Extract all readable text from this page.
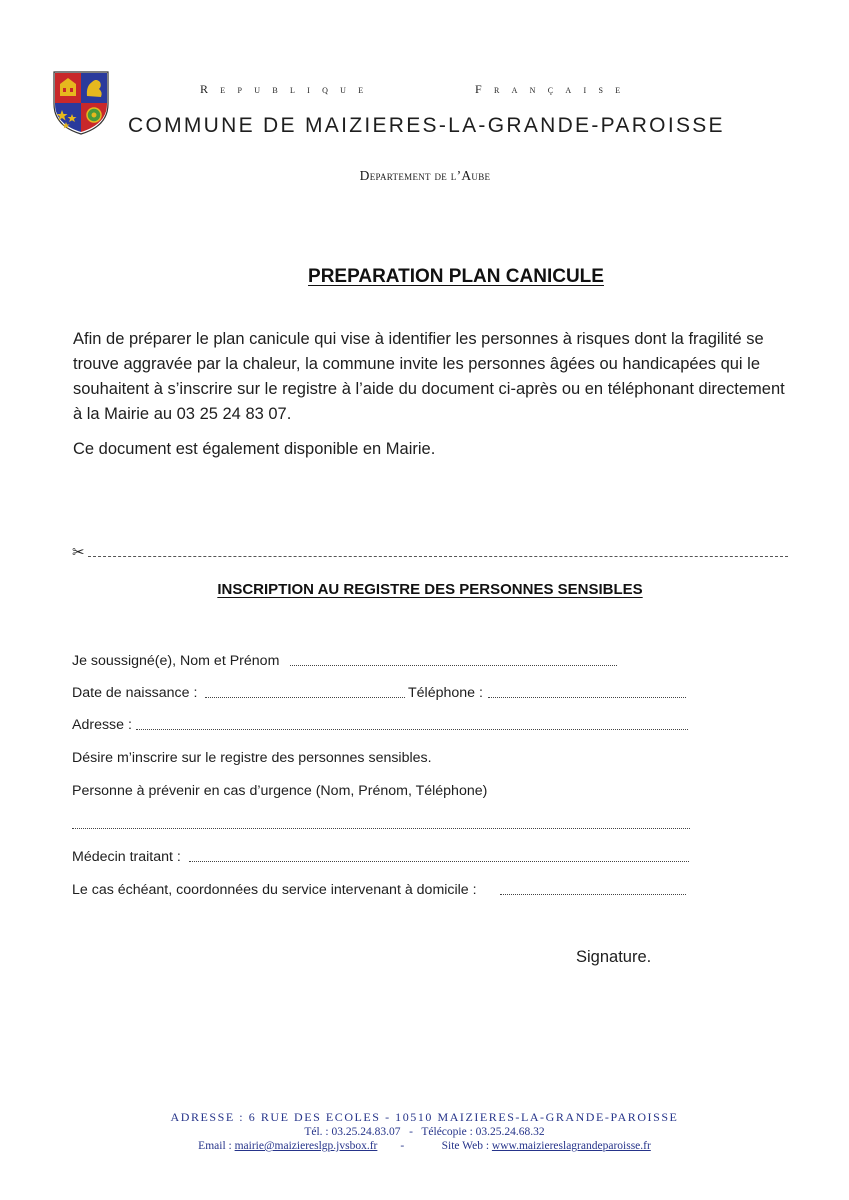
Republique	Française
COMMUNE DE MAIZIERES-LA-GRANDE-PAROISSE
Departement de l’Aube
PREPARATION PLAN CANICULE
Afin de préparer le plan canicule qui vise à identifier les personnes à risques dont la fragilité se trouve aggravée par la chaleur, la commune invite les personnes âgées ou handicapées qui le souhaitent à s’inscrire sur le registre à l’aide du document ci-après ou en téléphonant directement à la Mairie au 03 25 24 83 07.
Ce document est également disponible en Mairie.
✂
INSCRIPTION AU REGISTRE DES PERSONNES SENSIBLES
Je soussigné(e), Nom et Prénom
Date de naissance :	Téléphone :
Adresse :
Désire m’inscrire sur le registre des personnes sensibles.
Personne à prévenir en cas d’urgence (Nom, Prénom, Téléphone)
Médecin traitant :
Le cas échéant, coordonnées du service intervenant à domicile :
Signature.
ADRESSE : 6 RUE DES ECOLES - 10510 MAIZIERES-LA-GRANDE-PAROISSE
Tél. : 03.25.24.83.07 - Télécopie : 03.25.24.68.32
Email : mairie@maiziereslgp.jvsbox.fr -	Site Web : www.maiziereslagrandeparoisse.fr
